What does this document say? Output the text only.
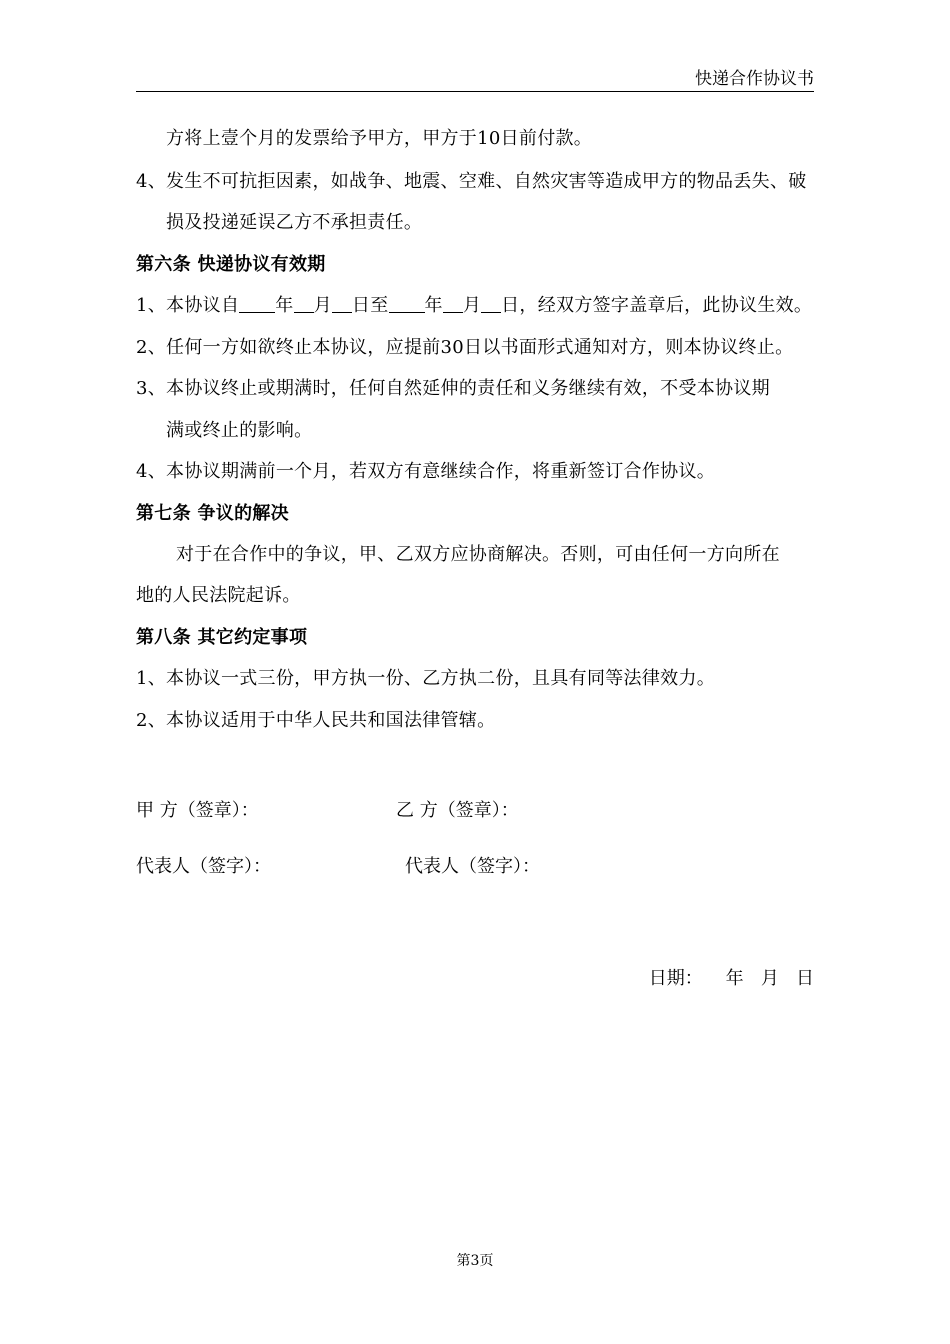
快递合作协议书
方将上壹个月的发票给予甲方，甲方于10日前付款。
4、发生不可抗拒因素，如战争、地震、空难、自然灾害等造成甲方的物品丢失、破
损及投递延误乙方不承担责任。
第六条 快递协议有效期
1、本协议自 年 月 日至 年 月 日，经双方签字盖章后，此协议生效。
2、任何一方如欲终止本协议，应提前30日以书面形式通知对方，则本协议终止。
3、本协议终止或期满时，任何自然延伸的责任和义务继续有效，不受本协议期
满或终止的影响。
4、本协议期满前一个月，若双方有意继续合作，将重新签订合作协议。
第七条 争议的解决
对于在合作中的争议，甲、乙双方应协商解决。否则，可由任何一方向所在
地的人民法院起诉。
第八条 其它约定事项
1、本协议一式三份，甲方执一份、乙方执二份，且具有同等法律效力。
2、本协议适用于中华人民共和国法律管辖。
甲 方（签章）：	乙 方（签章）：
代表人（签字）：	代表人（签字）：
日期：    年   月   日
第3页
